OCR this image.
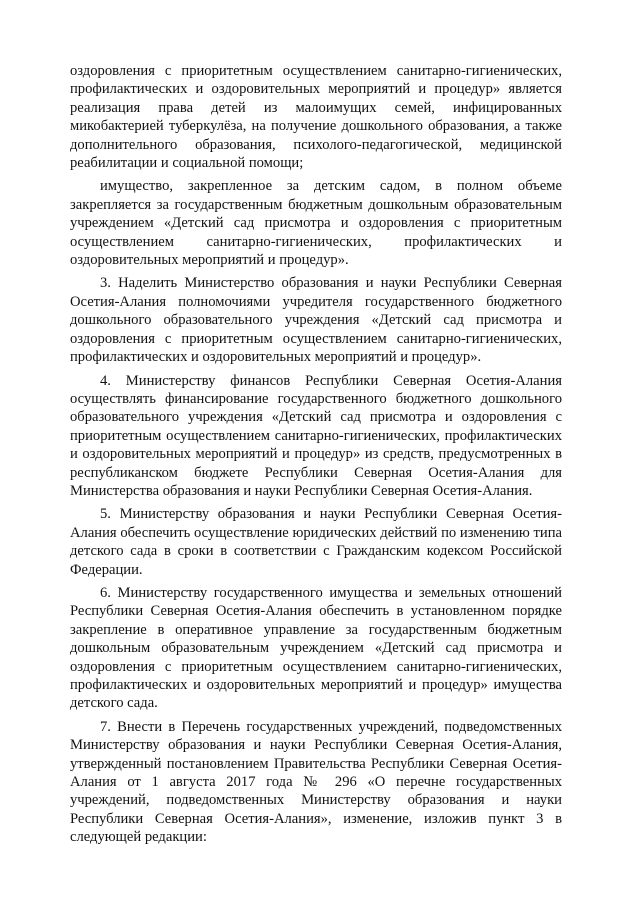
оздоровления с приоритетным осуществлением санитарно-гигиенических, профилактических и оздоровительных мероприятий и процедур» является реализация права детей из малоимущих семей, инфицированных микобактерией туберкулёза, на получение дошкольного образования, а также дополнительного образования, психолого-педагогической, медицинской реабилитации и социальной помощи;

имущество, закрепленное за детским садом, в полном объеме закрепляется за государственным бюджетным дошкольным образовательным учреждением «Детский сад присмотра и оздоровления с приоритетным осуществлением санитарно-гигиенических, профилактических и оздоровительных мероприятий и процедур».

3. Наделить Министерство образования и науки Республики Северная Осетия-Алания полномочиями учредителя государственного бюджетного дошкольного образовательного учреждения «Детский сад присмотра и оздоровления с приоритетным осуществлением санитарно-гигиенических, профилактических и оздоровительных мероприятий и процедур».

4. Министерству финансов Республики Северная Осетия-Алания осуществлять финансирование государственного бюджетного дошкольного образовательного учреждения «Детский сад присмотра и оздоровления с приоритетным осуществлением санитарно-гигиенических, профилактических и оздоровительных мероприятий и процедур» из средств, предусмотренных в республиканском бюджете Республики Северная Осетия-Алания для Министерства образования и науки Республики Северная Осетия-Алания.

5. Министерству образования и науки Республики Северная Осетия-Алания обеспечить осуществление юридических действий по изменению типа детского сада в сроки в соответствии с Гражданским кодексом Российской Федерации.

6. Министерству государственного имущества и земельных отношений Республики Северная Осетия-Алания обеспечить в установленном порядке закрепление в оперативное управление за государственным бюджетным дошкольным образовательным учреждением «Детский сад присмотра и оздоровления с приоритетным осуществлением санитарно-гигиенических, профилактических и оздоровительных мероприятий и процедур» имущества детского сада.

7. Внести в Перечень государственных учреждений, подведомственных Министерству образования и науки Республики Северная Осетия-Алания, утвержденный постановлением Правительства Республики Северная Осетия-Алания от 1 августа 2017 года № 296 «О перечне государственных учреждений, подведомственных Министерству образования и науки Республики Северная Осетия-Алания», изменение, изложив пункт 3 в следующей редакции:
